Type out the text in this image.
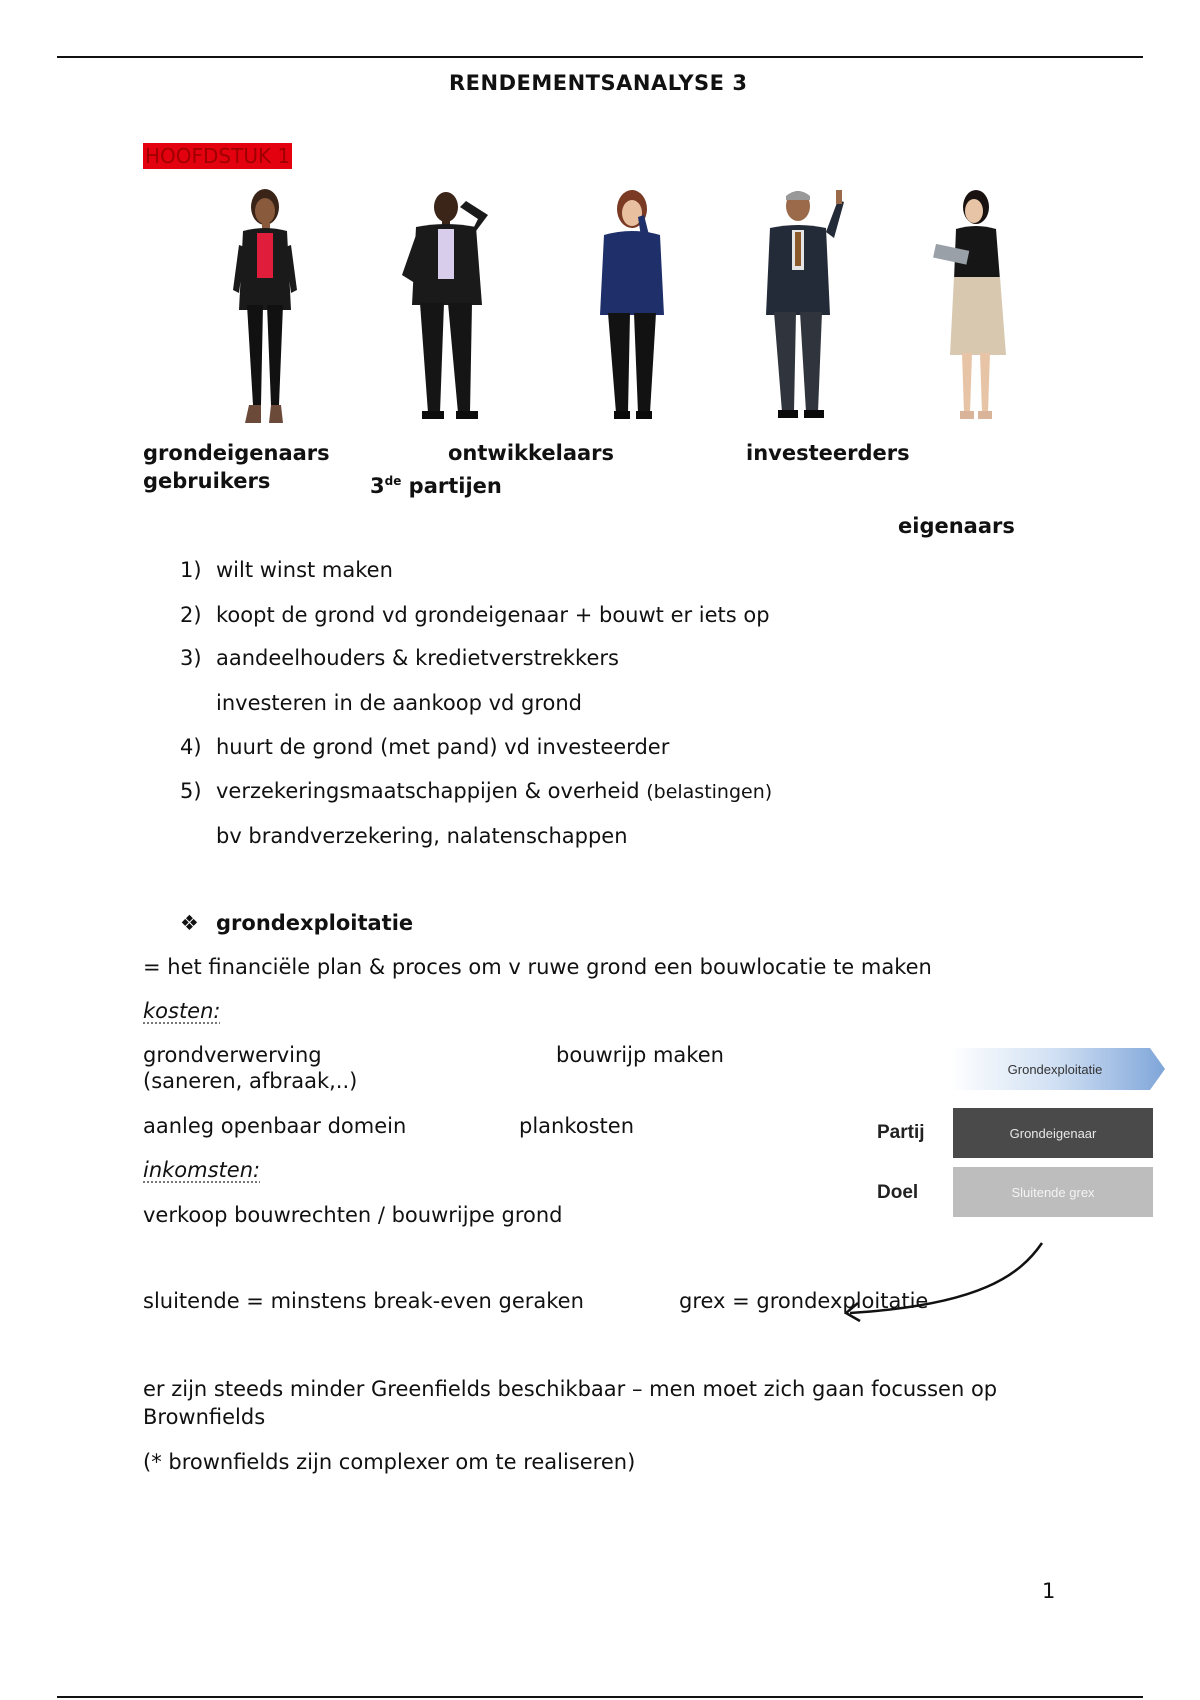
RENDEMENTSANALYSE 3
HOOFDSTUK 1
grondeigenaars
gebruikers
ontwikkelaars
3de partijen
investeerders
eigenaars
1) wilt winst maken
2) koopt de grond vd grondeigenaar + bouwt er iets op
3) aandeelhouders & kredietverstrekkers
investeren in de aankoop vd grond
4) huurt de grond (met pand) vd investeerder
5) verzekeringsmaatschappijen & overheid (belastingen)
bv brandverzekering, nalatenschappen
❖ grondexploitatie
= het financiële plan & proces om v ruwe grond een bouwlocatie te maken
kosten:
grondverwerving
(saneren, afbraak,..)
bouwrijp maken
aanleg openbaar domein	plankosten
inkomsten:
verkoop bouwrechten / bouwrijpe grond
sluitende = minstens break-even geraken	grex = grondexploitatie
Grondexploitatie
Partij
Doel
Grondeigenaar
Sluitende grex
er zijn steeds minder Greenfields beschikbaar – men moet zich gaan focussen op
Brownfields
(* brownfields zijn complexer om te realiseren)
1
